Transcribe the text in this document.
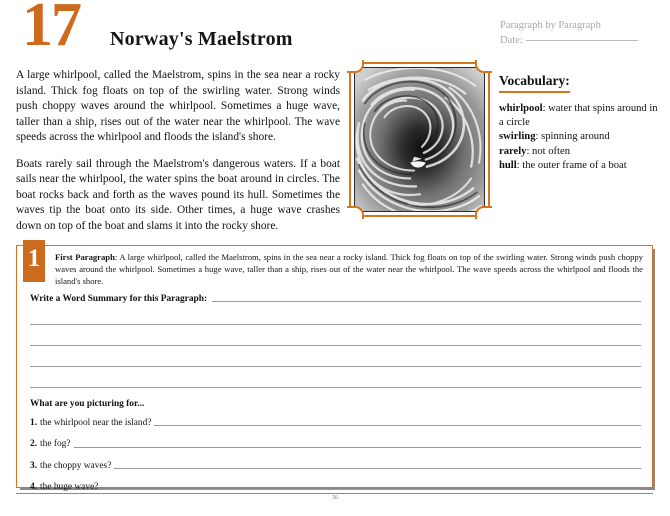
17 Norway's Maelstrom
Paragraph by Paragraph
Date:

A large whirlpool, called the Maelstrom, spins in the sea near a rocky island. Thick fog floats on top of the swirling water. Strong winds push choppy waves around the whirlpool. Sometimes a huge wave, taller than a ship, rises out of the water near the whirlpool. The wave speeds across the whirlpool and floods the island's shore.

Boats rarely sail through the Maelstrom's dangerous waters. If a boat sails near the whirlpool, the water spins the boat around in circles. The boat rocks back and forth as the waves pound its hull. Sometimes the waves tip the boat onto its side. Other times, a huge wave crashes down on top of the boat and slams it into the rocky shore.

Vocabulary:
whirlpool: water that spins around in a circle
swirling: spinning around
rarely: not often
hull: the outer frame of a boat
1	First Paragraph: A large whirlpool, called the Maelstrom, spins in the sea near a rocky island. Thick fog floats on top of the swirling water. Strong winds push choppy waves around the whirlpool. Sometimes a huge wave, taller than a ship, rises out of the water near the whirlpool. The wave speeds across the whirlpool and floods the island's shore.
Write a Word Summary for this Paragraph:
What are you picturing for...
1. the whirlpool near the island?
2. the fog?
3. the choppy waves?
4. the huge wave?
56
